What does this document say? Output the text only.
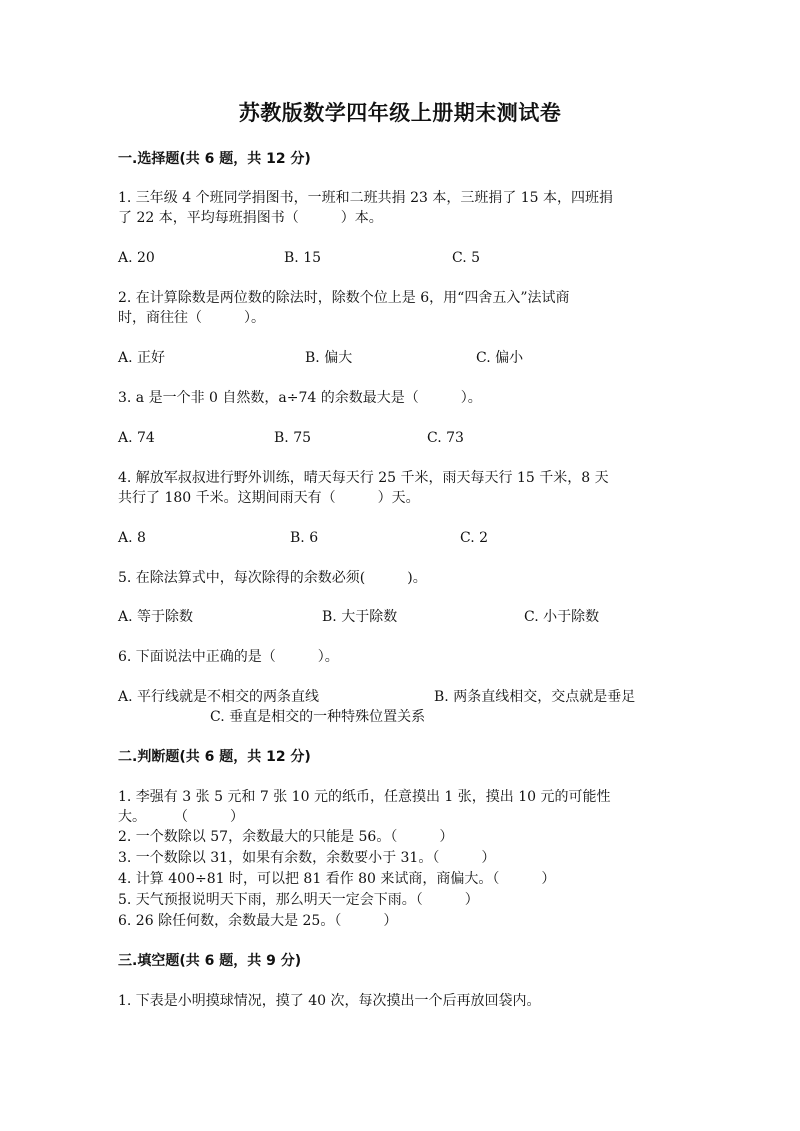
苏教版数学四年级上册期末测试卷
一.选择题(共 6 题，共 12 分)
1. 三年级 4 个班同学捐图书，一班和二班共捐 23 本，三班捐了 15 本，四班捐
了 22 本，平均每班捐图书（　　　）本。
A. 20	B. 15	C. 5
2. 在计算除数是两位数的除法时，除数个位上是 6，用“四舍五入”法试商
时，商往往（　　　）。
A. 正好	B. 偏大	C. 偏小
3. a 是一个非 0 自然数，a÷74 的余数最大是（　　　）。
A. 74	B. 75	C. 73
4. 解放军叔叔进行野外训练，晴天每天行 25 千米，雨天每天行 15 千米，8 天
共行了 180 千米。这期间雨天有（　　　）天。
A. 8	B. 6	C. 2
5. 在除法算式中，每次除得的余数必须(　　　)。
A. 等于除数	B. 大于除数	C. 小于除数
6. 下面说法中正确的是（　　　）。
A. 平行线就是不相交的两条直线	B. 两条直线相交，交点就是垂足
C. 垂直是相交的一种特殊位置关系
二.判断题(共 6 题，共 12 分)
1. 李强有 3 张 5 元和 7 张 10 元的纸币，任意摸出 1 张，摸出 10 元的可能性
大。　　　（　　　）
2. 一个数除以 57，余数最大的只能是 56。（　　　）
3. 一个数除以 31，如果有余数，余数要小于 31。（　　　）
4. 计算 400÷81 时，可以把 81 看作 80 来试商，商偏大。（　　　）
5. 天气预报说明天下雨，那么明天一定会下雨。（　　　）
6. 26 除任何数，余数最大是 25。（　　　）
三.填空题(共 6 题，共 9 分)
1. 下表是小明摸球情况，摸了 40 次，每次摸出一个后再放回袋内。
